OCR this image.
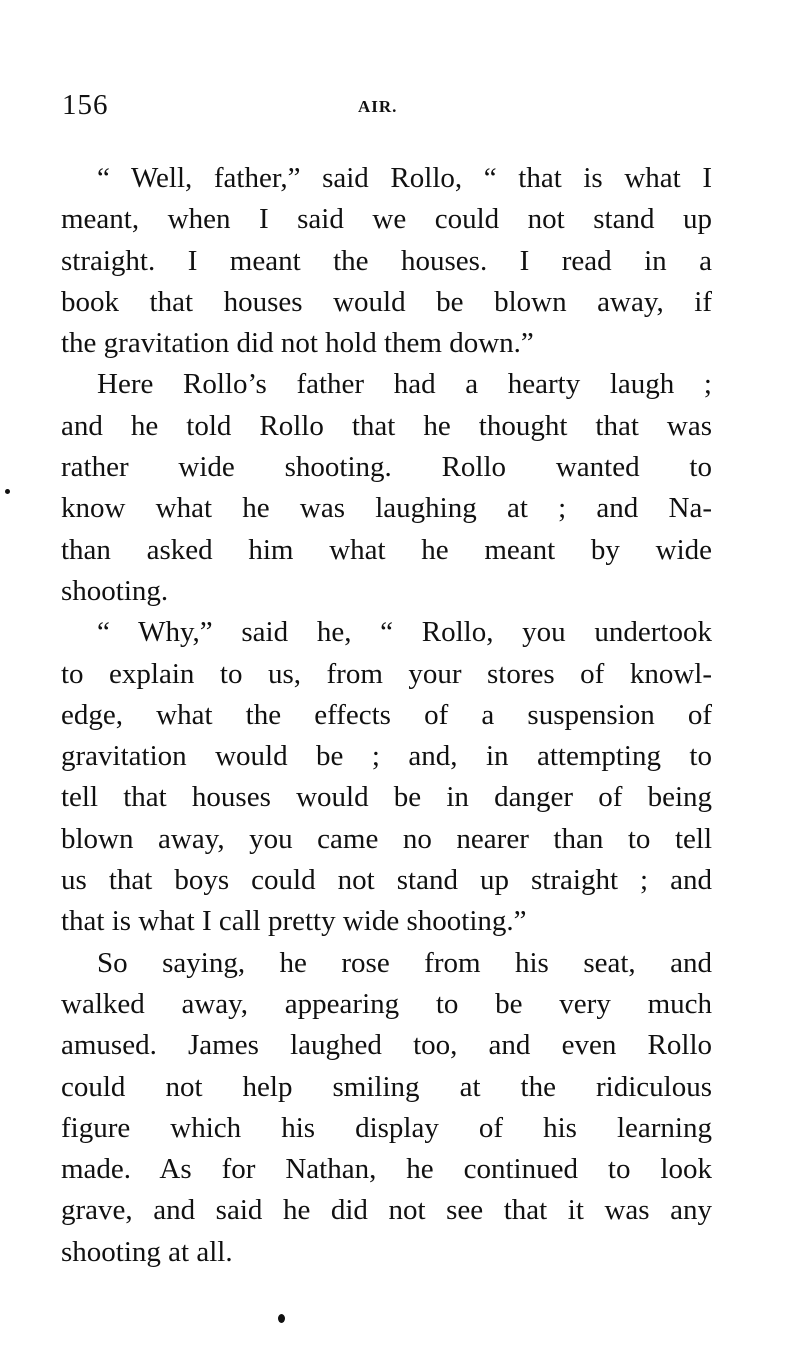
156	AIR.

“ Well, father,” said Rollo, “ that is what I
meant, when I said we could not stand up
straight. I meant the houses. I read in a
book that houses would be blown away, if
the gravitation did not hold them down.”

Here Rollo’s father had a hearty laugh ;
and he told Rollo that he thought that was
rather wide shooting. Rollo wanted to
know what he was laughing at ; and Na-
than asked him what he meant by wide
shooting.

“ Why,” said he, “ Rollo, you undertook
to explain to us, from your stores of knowl-
edge, what the effects of a suspension of
gravitation would be ; and, in attempting to
tell that houses would be in danger of being
blown away, you came no nearer than to tell
us that boys could not stand up straight ; and
that is what I call pretty wide shooting.”

So saying, he rose from his seat, and
walked away, appearing to be very much
amused. James laughed too, and even Rollo
could not help smiling at the ridiculous
figure which his display of his learning
made. As for Nathan, he continued to look
grave, and said he did not see that it was any
shooting at all.
